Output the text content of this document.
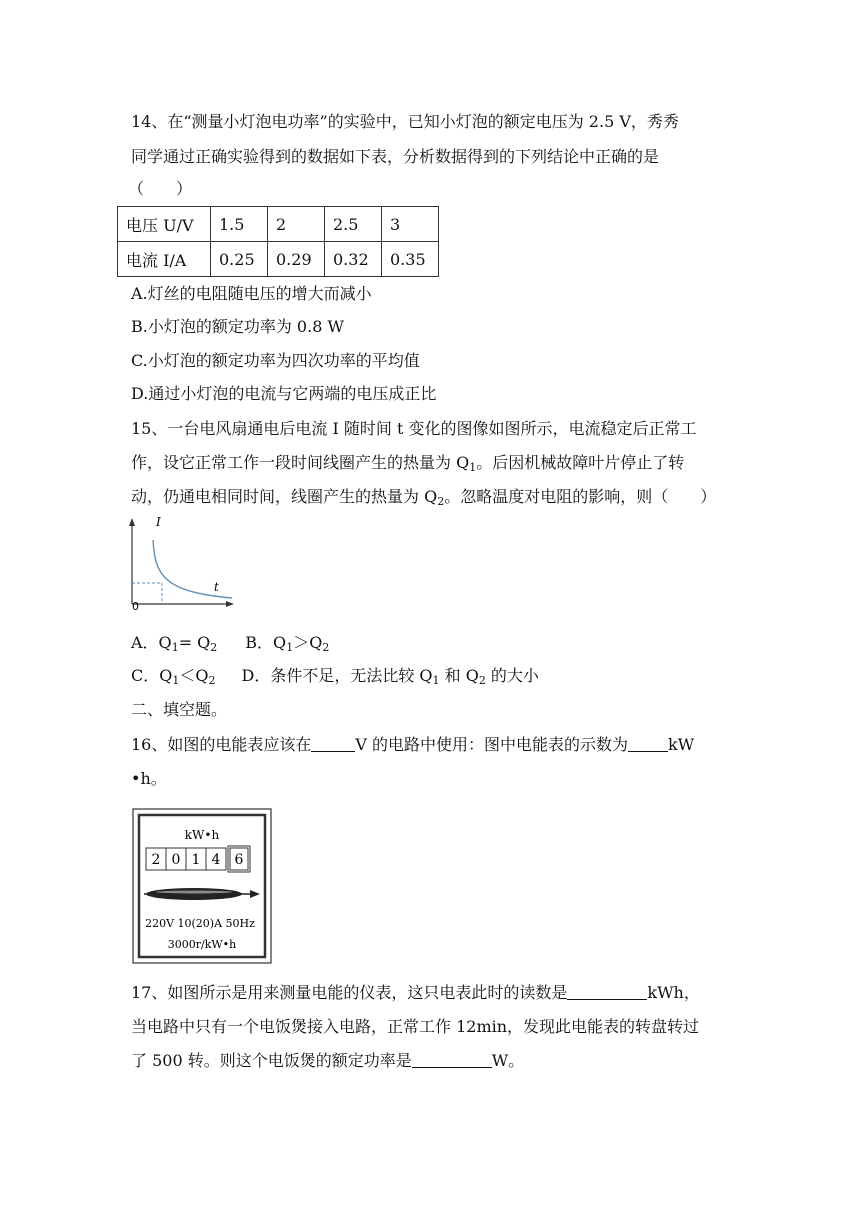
14、在“测量小灯泡电功率”的实验中，已知小灯泡的额定电压为 2.5 V，秀秀
同学通过正确实验得到的数据如下表，分析数据得到的下列结论中正确的是
（　　）
电压 U/V	1.5	2	2.5	3
电流 I/A	0.25	0.29	0.32	0.35
A.灯丝的电阻随电压的增大而减小
B.小灯泡的额定功率为 0.8 W
C.小灯泡的额定功率为四次功率的平均值
D.通过小灯泡的电流与它两端的电压成正比
15、一台电风扇通电后电流 I 随时间 t 变化的图像如图所示，电流稳定后正常工
作，设它正常工作一段时间线圈产生的热量为 $Q_1$。后因机械故障叶片停止了转
动，仍通电相同时间，线圈产生的热量为 $Q_2$。忽略温度对电阻的影响，则（　　）
I
t
0
A．$Q_1= Q_2$ B．$Q_1>Q_2$
C．$Q_1<Q_2$ D．条件不足，无法比较 $Q_1$ 和 $Q_2$ 的大小
二、填空题。
16、如图的电能表应该在	V 的电路中使用：图中电能表的示数为	kW
•h。
kW•h
2 0 1 4 6
220V 10(20)A 50Hz
3000r/kW•h
17、如图所示是用来测量电能的仪表，这只电表此时的读数是	kWh，
当电路中只有一个电饭煲接入电路，正常工作 12min，发现此电能表的转盘转过
了 500 转。则这个电饭煲的额定功率是	W。
